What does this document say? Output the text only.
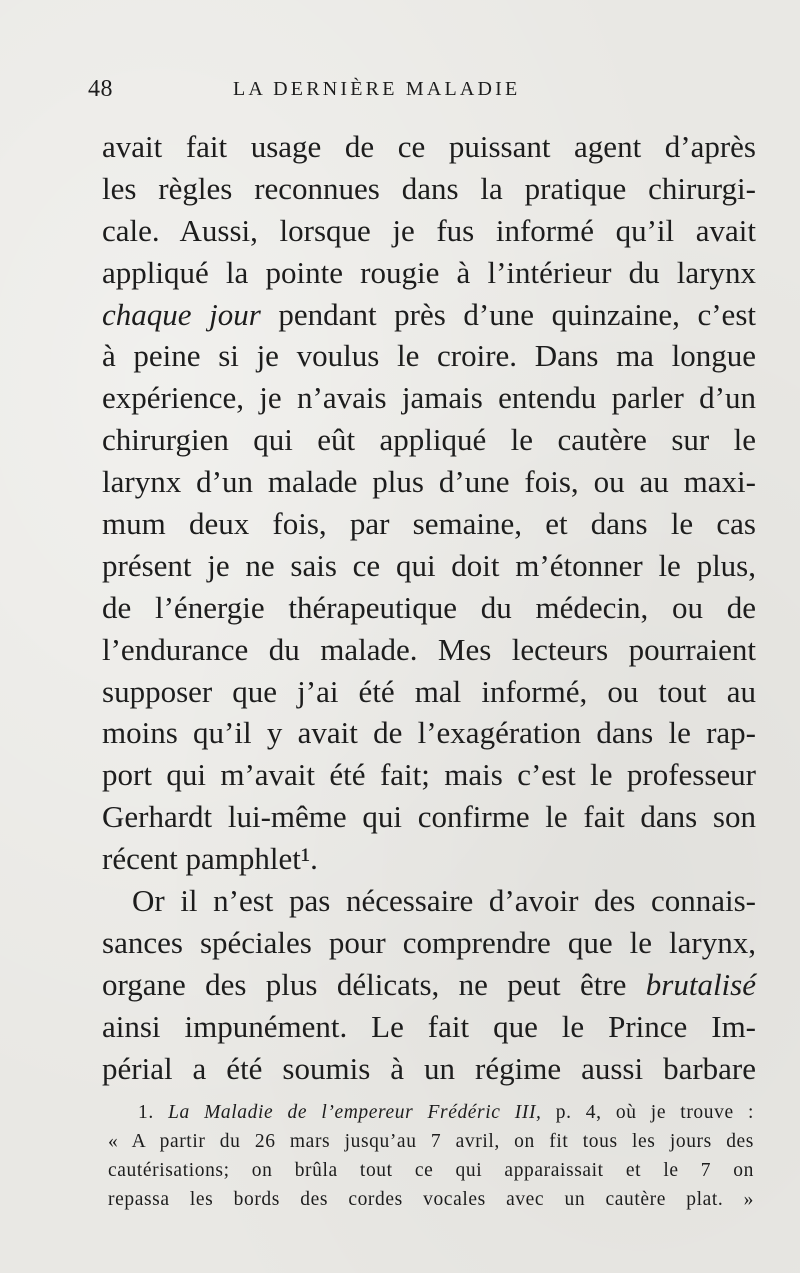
48	LA DERNIÈRE MALADIE
avait fait usage de ce puissant agent d’après
les règles reconnues dans la pratique chirurgi-
cale. Aussi, lorsque je fus informé qu’il avait
appliqué la pointe rougie à l’intérieur du larynx
chaque jour pendant près d’une quinzaine, c’est
à peine si je voulus le croire. Dans ma longue
expérience, je n’avais jamais entendu parler d’un
chirurgien qui eût appliqué le cautère sur le
larynx d’un malade plus d’une fois, ou au maxi-
mum deux fois, par semaine, et dans le cas
présent je ne sais ce qui doit m’étonner le plus,
de l’énergie thérapeutique du médecin, ou de
l’endurance du malade. Mes lecteurs pourraient
supposer que j’ai été mal informé, ou tout au
moins qu’il y avait de l’exagération dans le rap-
port qui m’avait été fait; mais c’est le professeur
Gerhardt lui-même qui confirme le fait dans son
récent pamphlet¹.
Or il n’est pas nécessaire d’avoir des connais-
sances spéciales pour comprendre que le larynx,
organe des plus délicats, ne peut être brutalisé
ainsi impunément. Le fait que le Prince Im-
périal a été soumis à un régime aussi barbare
1. La Maladie de l’empereur Frédéric III, p. 4, où je trouve :
« A partir du 26 mars jusqu’au 7 avril, on fit tous les jours des
cautérisations; on brûla tout ce qui apparaissait et le 7 on
repassa les bords des cordes vocales avec un cautère plat. »
